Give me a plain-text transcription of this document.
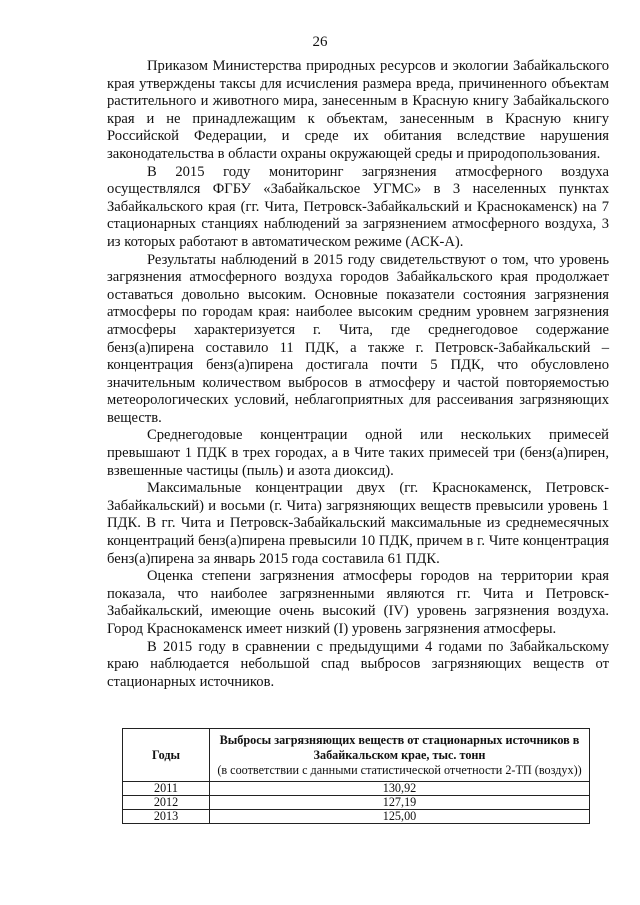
26

Приказом Министерства природных ресурсов и экологии Забайкальского края утверждены таксы для исчисления размера вреда, причиненного объектам растительного и животного мира, занесенным в Красную книгу Забайкальского края и не принадлежащим к объектам, занесенным в Красную книгу Российской Федерации, и среде их обитания вследствие нарушения законодательства в области охраны окружающей среды и природопользования.

В 2015 году мониторинг загрязнения атмосферного воздуха осуществлялся ФГБУ «Забайкальское УГМС» в 3 населенных пунктах Забайкальского края (гг. Чита, Петровск-Забайкальский и Краснокаменск) на 7 стационарных станциях наблюдений за загрязнением атмосферного воздуха, 3 из которых работают в автоматическом режиме (АСК-А).

Результаты наблюдений в 2015 году свидетельствуют о том, что уровень загрязнения атмосферного воздуха городов Забайкальского края продолжает оставаться довольно высоким. Основные показатели состояния загрязнения атмосферы по городам края: наиболее высоким средним уровнем загрязнения атмосферы характеризуется г. Чита, где среднегодовое содержание бенз(а)пирена составило 11 ПДК, а также г. Петровск-Забайкальский – концентрация бенз(а)пирена достигала почти 5 ПДК, что обусловлено значительным количеством выбросов в атмосферу и частой повторяемостью метеорологических условий, неблагоприятных для рассеивания загрязняющих веществ.

Среднегодовые концентрации одной или нескольких примесей превышают 1 ПДК в трех городах, а в Чите таких примесей три (бенз(а)пирен, взвешенные частицы (пыль) и азота диоксид).

Максимальные концентрации двух (гг. Краснокаменск, Петровск-Забайкальский) и восьми (г. Чита) загрязняющих веществ превысили уровень 1 ПДК. В гг. Чита и Петровск-Забайкальский максимальные из среднемесячных концентраций бенз(а)пирена превысили 10 ПДК, причем в г. Чите концентрация бенз(а)пирена за январь 2015 года составила 61 ПДК.

Оценка степени загрязнения атмосферы городов на территории края показала, что наиболее загрязненными являются гг. Чита и Петровск-Забайкальский, имеющие очень высокий (IV) уровень загрязнения воздуха. Город Краснокаменск имеет низкий (I) уровень загрязнения атмосферы.

В 2015 году в сравнении с предыдущими 4 годами по Забайкальскому краю наблюдается небольшой спад выбросов загрязняющих веществ от стационарных источников.

Годы	Выбросы загрязняющих веществ от стационарных источников в Забайкальском крае, тыс. тонн
(в соответствии с данными статистической отчетности 2-ТП (воздух))

2011	130,92
2012	127,19
2013	125,00
